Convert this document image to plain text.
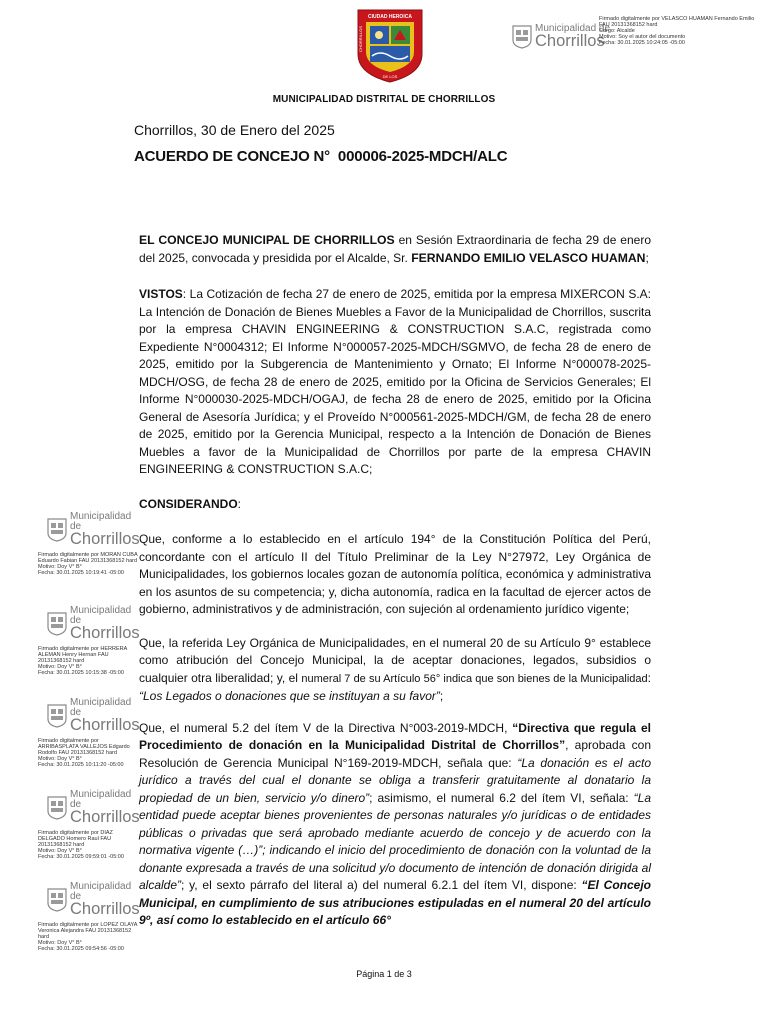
CIUDAD HEROICA
DE LOS
CHORRILLOS	Municipalidad de
Chorrillos
Firmado digitalmente por VELASCO HUAMAN Fernando Emilio FAU 20131368152 hard
Cargo: Alcalde
Motivo: Soy el autor del documento
Fecha: 30.01.2025 10:24:05 -05:00
MUNICIPALIDAD DISTRITAL DE CHORRILLOS
Chorrillos, 30 de Enero del 2025
ACUERDO DE CONCEJO N°  000006-2025-MDCH/ALC

EL CONCEJO MUNICIPAL DE CHORRILLOS en Sesión Extraordinaria de fecha 29 de enero del 2025, convocada y presidida por el Alcalde, Sr. FERNANDO EMILIO VELASCO HUAMAN;

VISTOS: La Cotización de fecha 27 de enero de 2025, emitida por la empresa MIXERCON S.A: La Intención de Donación de Bienes Muebles a Favor de la Municipalidad de Chorrillos, suscrita por la empresa CHAVIN ENGINEERING & CONSTRUCTION S.A.C, registrada como Expediente N°0004312; El Informe N°000057-2025-MDCH/SGMVO, de fecha 28 de enero de 2025, emitido por la Subgerencia de Mantenimiento y Ornato; El Informe N°000078-2025-MDCH/OSG, de fecha 28 de enero de 2025, emitido por la Oficina de Servicios Generales; El Informe N°000030-2025-MDCH/OGAJ, de fecha 28 de enero de 2025, emitido por la Oficina General de Asesoría Jurídica; y el Proveído N°000561-2025-MDCH/GM, de fecha 28 de enero de 2025, emitido por la Gerencia Municipal, respecto a la Intención de Donación de Bienes Muebles a favor de la Municipalidad de Chorrillos por parte de la empresa CHAVIN ENGINEERING & CONSTRUCTION S.A.C;

CONSIDERANDO:

Que, conforme a lo establecido en el artículo 194° de la Constitución Política del Perú, concordante con el artículo II del Título Preliminar de la Ley N°27972, Ley Orgánica de Municipalidades, los gobiernos locales gozan de autonomía política, económica y administrativa en los asuntos de su competencia; y, dicha autonomía, radica en la facultad de ejercer actos de gobierno, administrativos y de administración, con sujeción al ordenamiento jurídico vigente;

Que, la referida Ley Orgánica de Municipalidades, en el numeral 20 de su Artículo 9° establece como atribución del Concejo Municipal, la de aceptar donaciones, legados, subsidios o cualquier otra liberalidad; y, el numeral 7 de su Artículo 56° indica que son bienes de la Municipalidad: “Los Legados o donaciones que se instituyan a su favor”;

Que, el numeral 5.2 del ítem V de la Directiva N°003-2019-MDCH, “Directiva que regula el Procedimiento de donación en la Municipalidad Distrital de Chorrillos”, aprobada con Resolución de Gerencia Municipal N°169-2019-MDCH, señala que: “La donación es el acto jurídico a través del cual el donante se obliga a transferir gratuitamente al donatario la propiedad de un bien, servicio y/o dinero”; asimismo, el numeral 6.2 del ítem VI, señala: “La entidad puede aceptar bienes provenientes de personas naturales y/o jurídicas o de entidades públicas o privadas que será aprobado mediante acuerdo de concejo y de acuerdo con la normativa vigente (…)”; indicando el inicio del procedimiento de donación con la voluntad de la donante expresada a través de una solicitud y/o documento de intención de donación dirigida al alcalde”; y, el sexto párrafo del literal a) del numeral 6.2.1 del ítem VI, dispone: “El Concejo Municipal, en cumplimiento de sus atribuciones estipuladas en el numeral 20 del artículo 9º, así como lo establecido en el artículo 66°

Municipalidad de
Chorrillos
Firmado digitalmente por MORAN CUBA Eduardo Fabian FAU 20131368152 hard
Motivo: Doy V° B°
Fecha: 30.01.2025 10:19:41 -05:00
Municipalidad de
Chorrillos
Firmado digitalmente por HERRERA ALEMAN Henry Hernan FAU 20131368152 hard
Motivo: Doy V° B°
Fecha: 30.01.2025 10:15:38 -05:00
Municipalidad de
Chorrillos
Firmado digitalmente por ARRIBASPLATA VALLEJOS Edgardo Rodolfo FAU 20131368152 hard
Motivo: Doy V° B°
Fecha: 30.01.2025 10:11:20 -05:00
Municipalidad de
Chorrillos
Firmado digitalmente por DIAZ DELGADO Homero Raul FAU 20131368152 hard
Motivo: Doy V° B°
Fecha: 30.01.2025 09:59:01 -05:00
Municipalidad de
Chorrillos
Firmado digitalmente por LOPEZ OLAYA Veronica Alejandra FAU 20131368152 hard
Motivo: Doy V° B°
Fecha: 30.01.2025 09:54:56 -05:00
Página 1 de 3
